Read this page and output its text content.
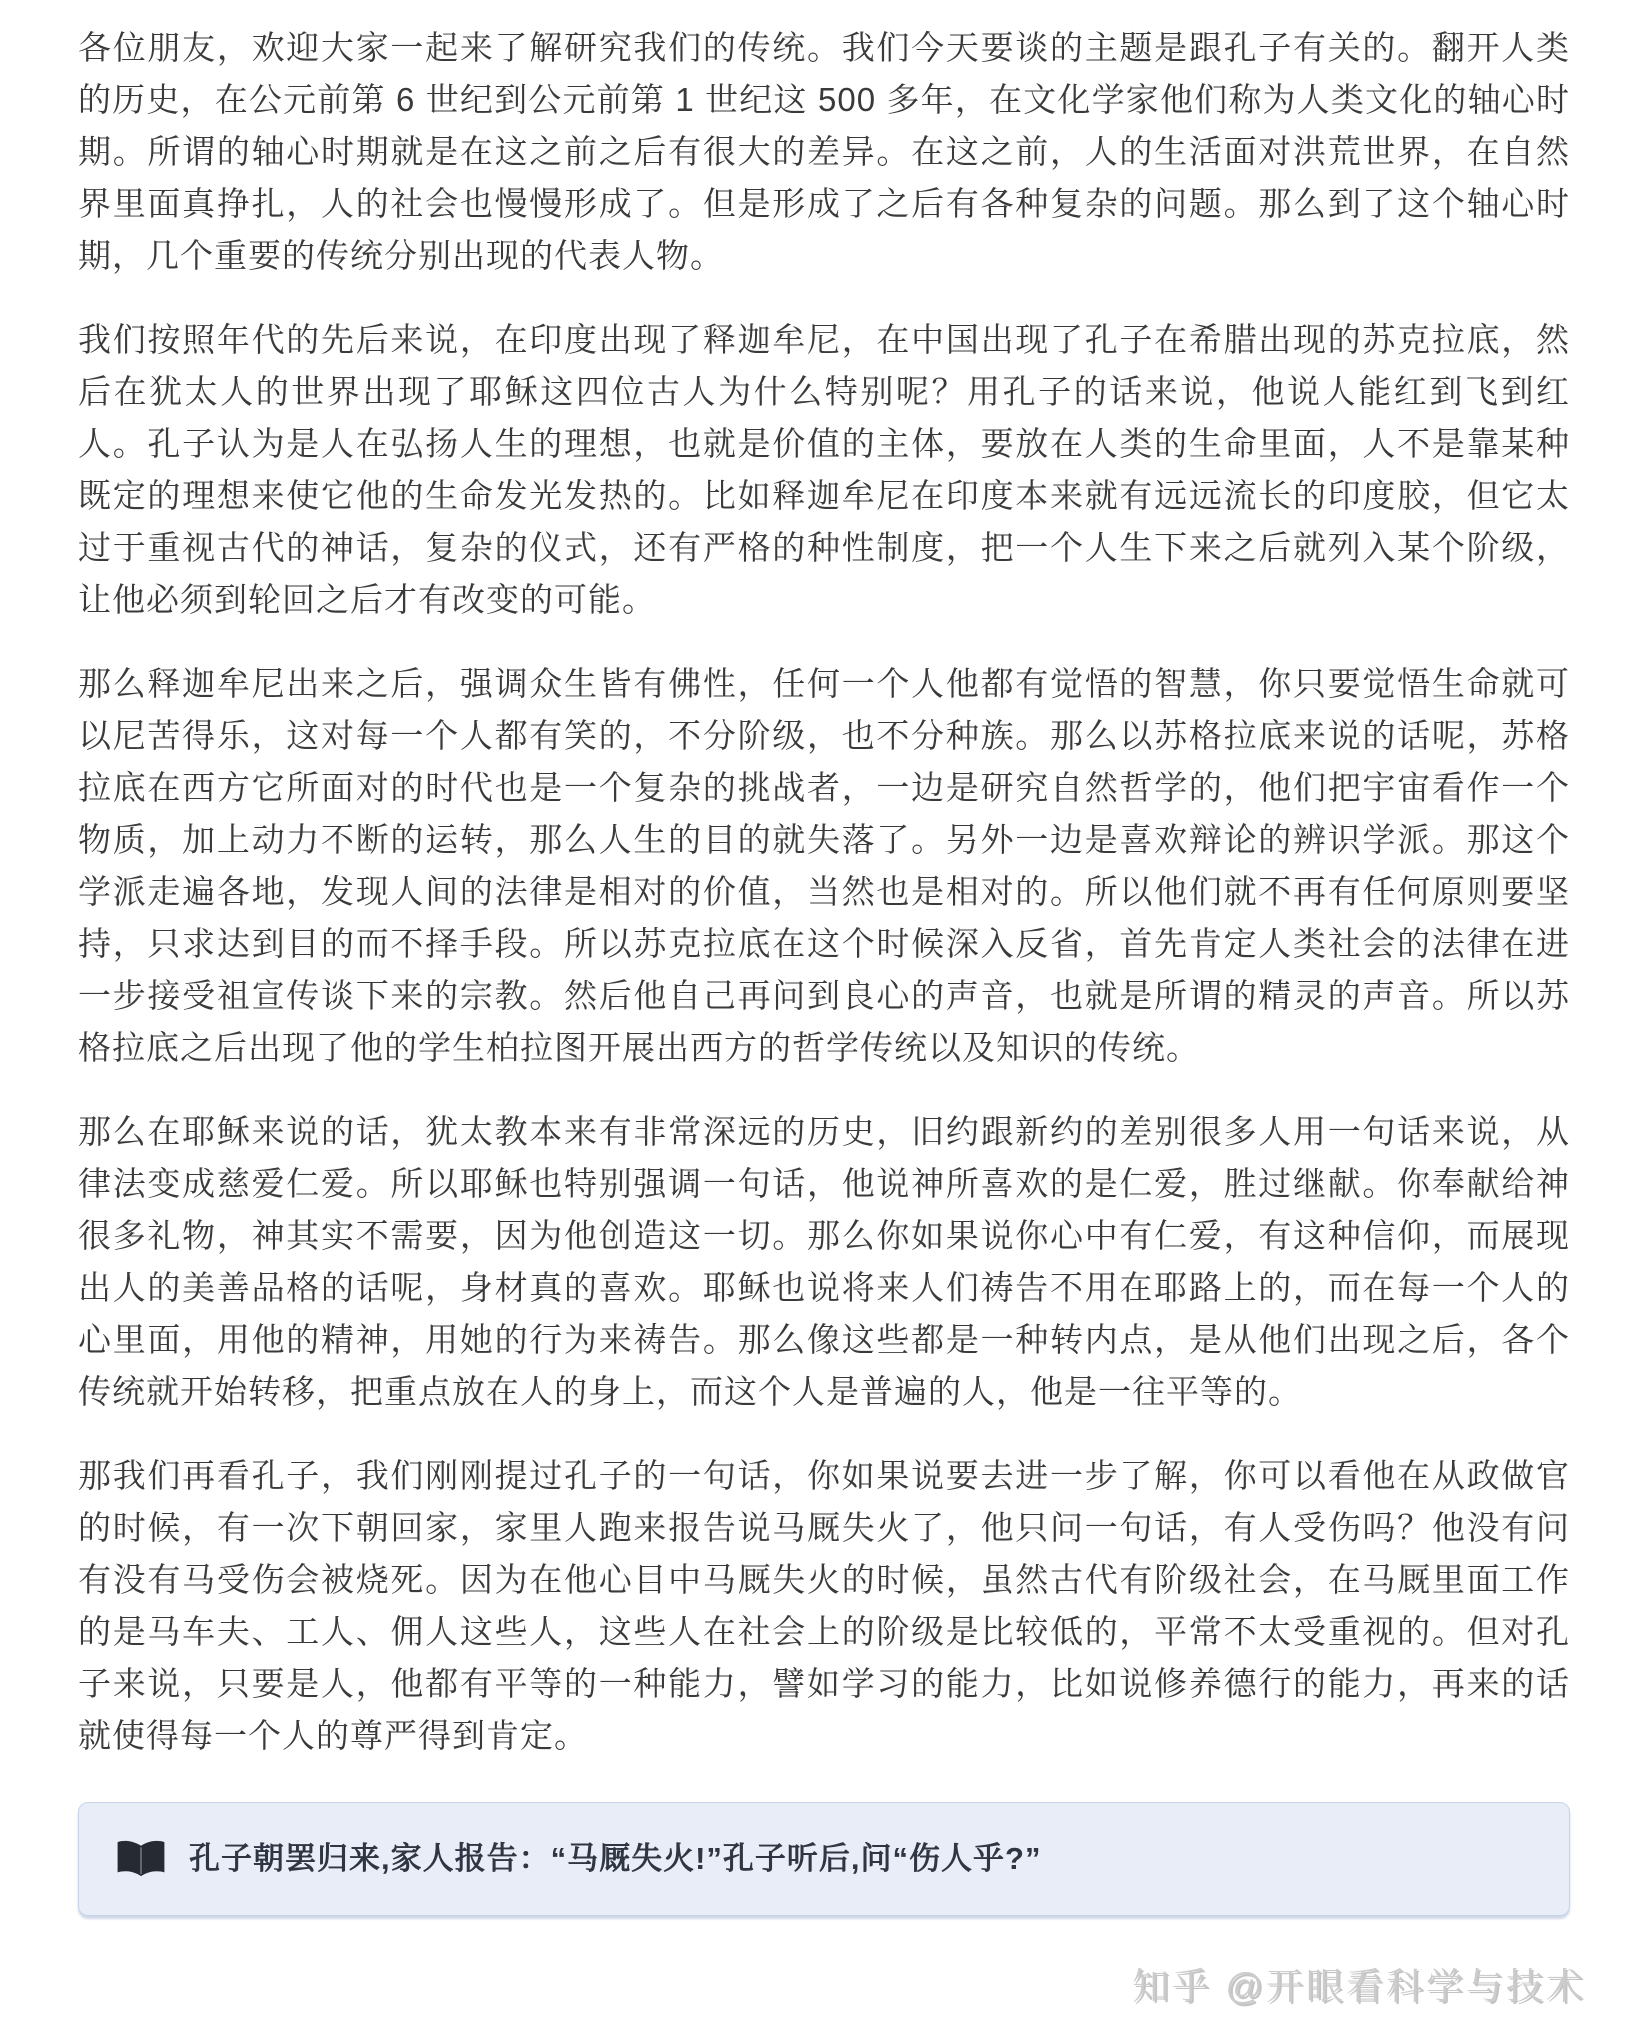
各位朋友，欢迎大家一起来了解研究我们的传统。我们今天要谈的主题是跟孔子有关的。翻开人类的历史，在公元前第 6 世纪到公元前第 1 世纪这 500 多年，在文化学家他们称为人类文化的轴心时期。所谓的轴心时期就是在这之前之后有很大的差异。在这之前，人的生活面对洪荒世界，在自然界里面真挣扎，人的社会也慢慢形成了。但是形成了之后有各种复杂的问题。那么到了这个轴心时期，几个重要的传统分别出现的代表人物。

我们按照年代的先后来说，在印度出现了释迦牟尼，在中国出现了孔子在希腊出现的苏克拉底，然后在犹太人的世界出现了耶稣这四位古人为什么特别呢？用孔子的话来说，他说人能红到飞到红人。孔子认为是人在弘扬人生的理想，也就是价值的主体，要放在人类的生命里面，人不是靠某种既定的理想来使它他的生命发光发热的。比如释迦牟尼在印度本来就有远远流长的印度胶，但它太过于重视古代的神话，复杂的仪式，还有严格的种性制度，把一个人生下来之后就列入某个阶级，让他必须到轮回之后才有改变的可能。

那么释迦牟尼出来之后，强调众生皆有佛性，任何一个人他都有觉悟的智慧，你只要觉悟生命就可以尼苦得乐，这对每一个人都有笑的，不分阶级，也不分种族。那么以苏格拉底来说的话呢，苏格拉底在西方它所面对的时代也是一个复杂的挑战者，一边是研究自然哲学的，他们把宇宙看作一个物质，加上动力不断的运转，那么人生的目的就失落了。另外一边是喜欢辩论的辨识学派。那这个学派走遍各地，发现人间的法律是相对的价值，当然也是相对的。所以他们就不再有任何原则要坚持，只求达到目的而不择手段。所以苏克拉底在这个时候深入反省，首先肯定人类社会的法律在进一步接受祖宣传谈下来的宗教。然后他自己再问到良心的声音，也就是所谓的精灵的声音。所以苏格拉底之后出现了他的学生柏拉图开展出西方的哲学传统以及知识的传统。

那么在耶稣来说的话，犹太教本来有非常深远的历史，旧约跟新约的差别很多人用一句话来说，从律法变成慈爱仁爱。所以耶稣也特别强调一句话，他说神所喜欢的是仁爱，胜过继献。你奉献给神很多礼物，神其实不需要，因为他创造这一切。那么你如果说你心中有仁爱，有这种信仰，而展现出人的美善品格的话呢，身材真的喜欢。耶稣也说将来人们祷告不用在耶路上的，而在每一个人的心里面，用他的精神，用她的行为来祷告。那么像这些都是一种转内点，是从他们出现之后，各个传统就开始转移，把重点放在人的身上，而这个人是普遍的人，他是一往平等的。

那我们再看孔子，我们刚刚提过孔子的一句话，你如果说要去进一步了解，你可以看他在从政做官的时候，有一次下朝回家，家里人跑来报告说马厩失火了，他只问一句话，有人受伤吗？他没有问有没有马受伤会被烧死。因为在他心目中马厩失火的时候，虽然古代有阶级社会，在马厩里面工作的是马车夫、工人、佣人这些人，这些人在社会上的阶级是比较低的，平常不太受重视的。但对孔子来说，只要是人，他都有平等的一种能力，譬如学习的能力，比如说修养德行的能力，再来的话就使得每一个人的尊严得到肯定。

孔子朝罢归来,家人报告：“马厩失火!”孔子听后,问“伤人乎?”
知乎 @开眼看科学与技术
